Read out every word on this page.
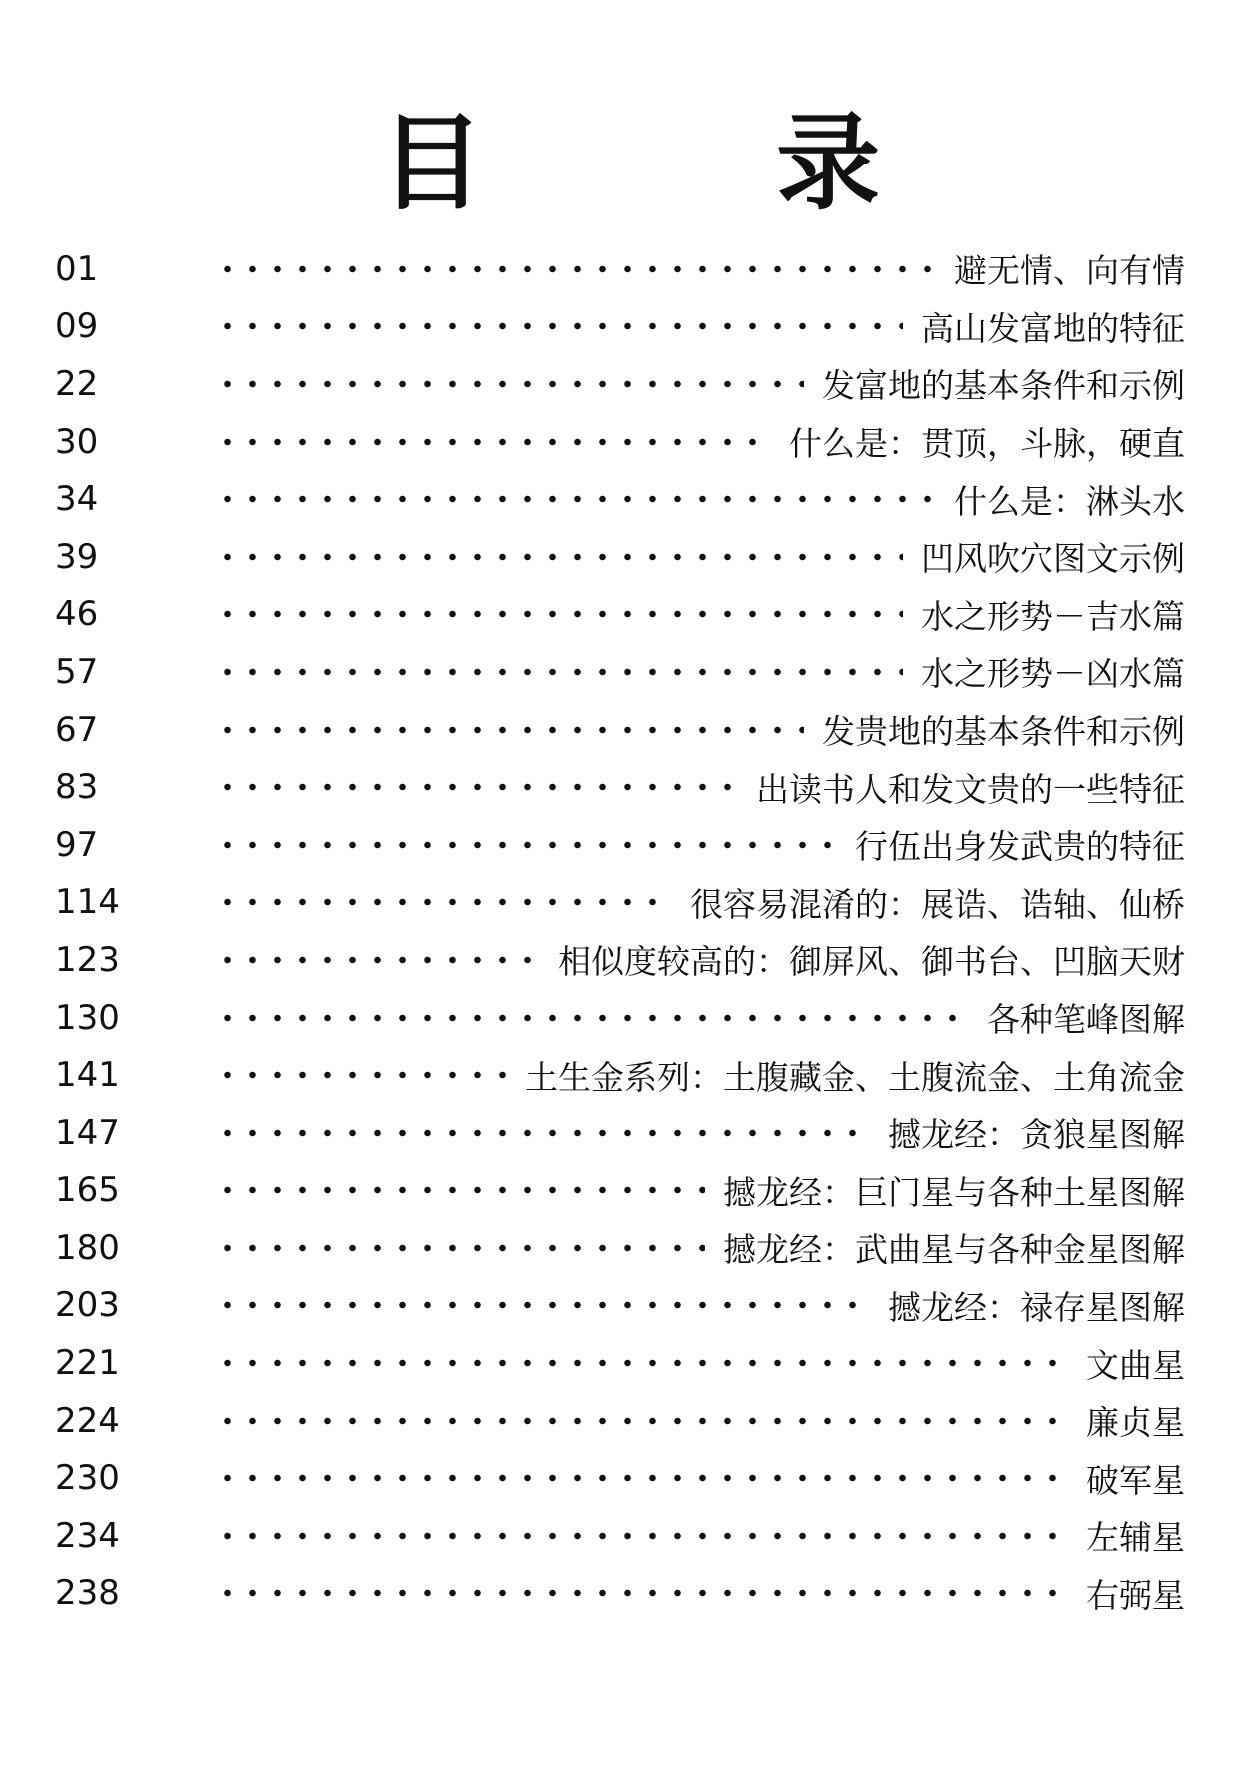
目 录
01	避无情、向有情
09	高山发富地的特征
22	发富地的基本条件和示例
30	什么是：贯顶，斗脉，硬直
34	什么是：淋头水
39	凹风吹穴图文示例
46	水之形势－吉水篇
57	水之形势－凶水篇
67	发贵地的基本条件和示例
83	出读书人和发文贵的一些特征
97	行伍出身发武贵的特征
114	很容易混淆的：展诰、诰轴、仙桥
123	相似度较高的：御屏风、御书台、凹脑天财
130	各种笔峰图解
141	土生金系列：土腹藏金、土腹流金、土角流金
147	撼龙经：贪狼星图解
165	撼龙经：巨门星与各种土星图解
180	撼龙经：武曲星与各种金星图解
203	撼龙经：禄存星图解
221	文曲星
224	廉贞星
230	破军星
234	左辅星
238	右弼星
